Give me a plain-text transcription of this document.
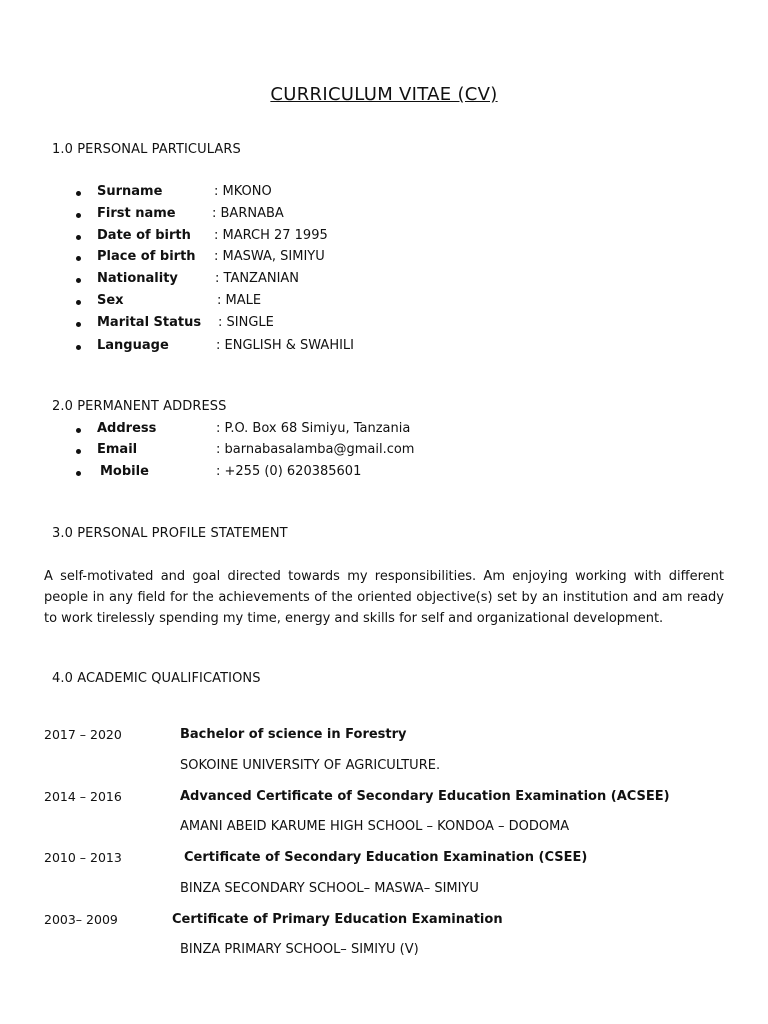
CURRICULUM VITAE (CV)
1.0 PERSONAL PARTICULARS
Surname	: MKONO
First name	: BARNABA
Date of birth : MARCH 27 1995
Place of birth : MASWA, SIMIYU
Nationality	: TANZANIAN
Sex	: MALE
Marital Status : SINGLE
Language	: ENGLISH & SWAHILI
2.0 PERMANENT ADDRESS
Address	: P.O. Box 68 Simiyu, Tanzania
Email	: barnabasalamba@gmail.com
Mobile	: +255 (0) 620385601
3.0 PERSONAL PROFILE STATEMENT
A self-motivated and goal directed towards my responsibilities. Am enjoying working with different people in any field for the achievements of the oriented objective(s) set by an institution and am ready to work tirelessly spending my time, energy and skills for self and organizational development.
4.0 ACADEMIC QUALIFICATIONS
2017 – 2020	Bachelor of science in Forestry
SOKOINE UNIVERSITY OF AGRICULTURE.
2014 – 2016	Advanced Certificate of Secondary Education Examination (ACSEE)
AMANI ABEID KARUME HIGH SCHOOL – KONDOA – DODOMA
2010 – 2013	Certificate of Secondary Education Examination (CSEE)
BINZA SECONDARY SCHOOL– MASWA– SIMIYU
2003– 2009	Certificate of Primary Education Examination
BINZA PRIMARY SCHOOL– SIMIYU (V)
